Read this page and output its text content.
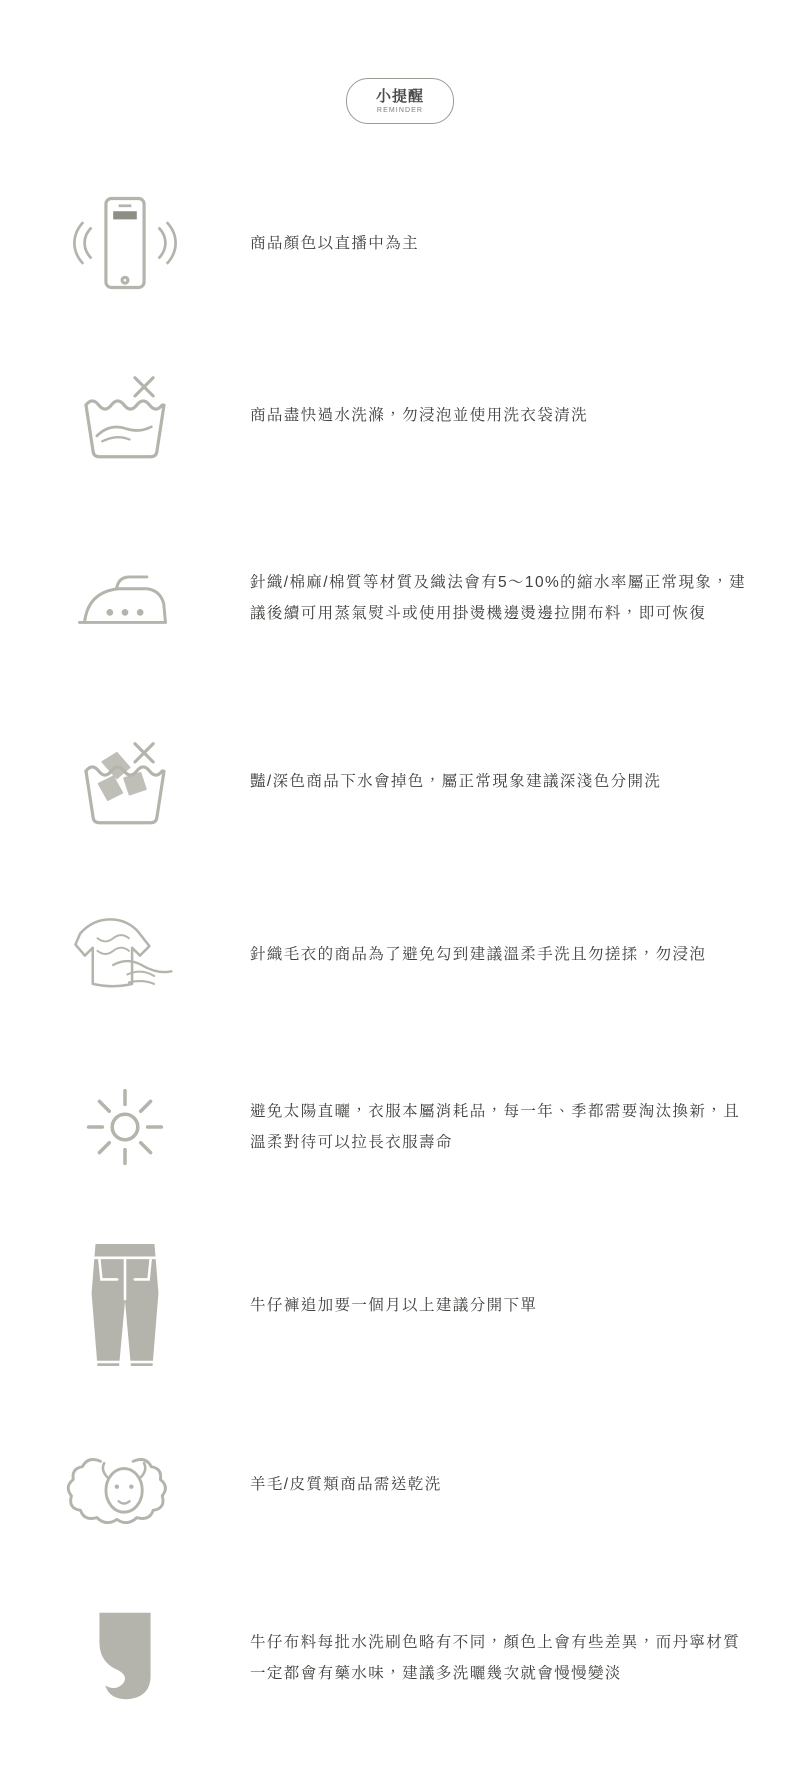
小提醒
REMINDER

商品顏色以直播中為主

商品盡快過水洗滌，勿浸泡並使用洗衣袋清洗

針織/棉麻/棉質等材質及織法會有5～10%的縮水率屬正常現象，建議後續可用蒸氣熨斗或使用掛燙機邊燙邊拉開布料，即可恢復

豔/深色商品下水會掉色，屬正常現象建議深淺色分開洗

針織毛衣的商品為了避免勾到建議溫柔手洗且勿搓揉，勿浸泡

避免太陽直曬，衣服本屬消耗品，每一年、季都需要淘汰換新，且溫柔對待可以拉長衣服壽命

牛仔褲追加要一個月以上建議分開下單

羊毛/皮質類商品需送乾洗

牛仔布料每批水洗刷色略有不同，顏色上會有些差異，而丹寧材質一定都會有藥水味，建議多洗曬幾次就會慢慢變淡
